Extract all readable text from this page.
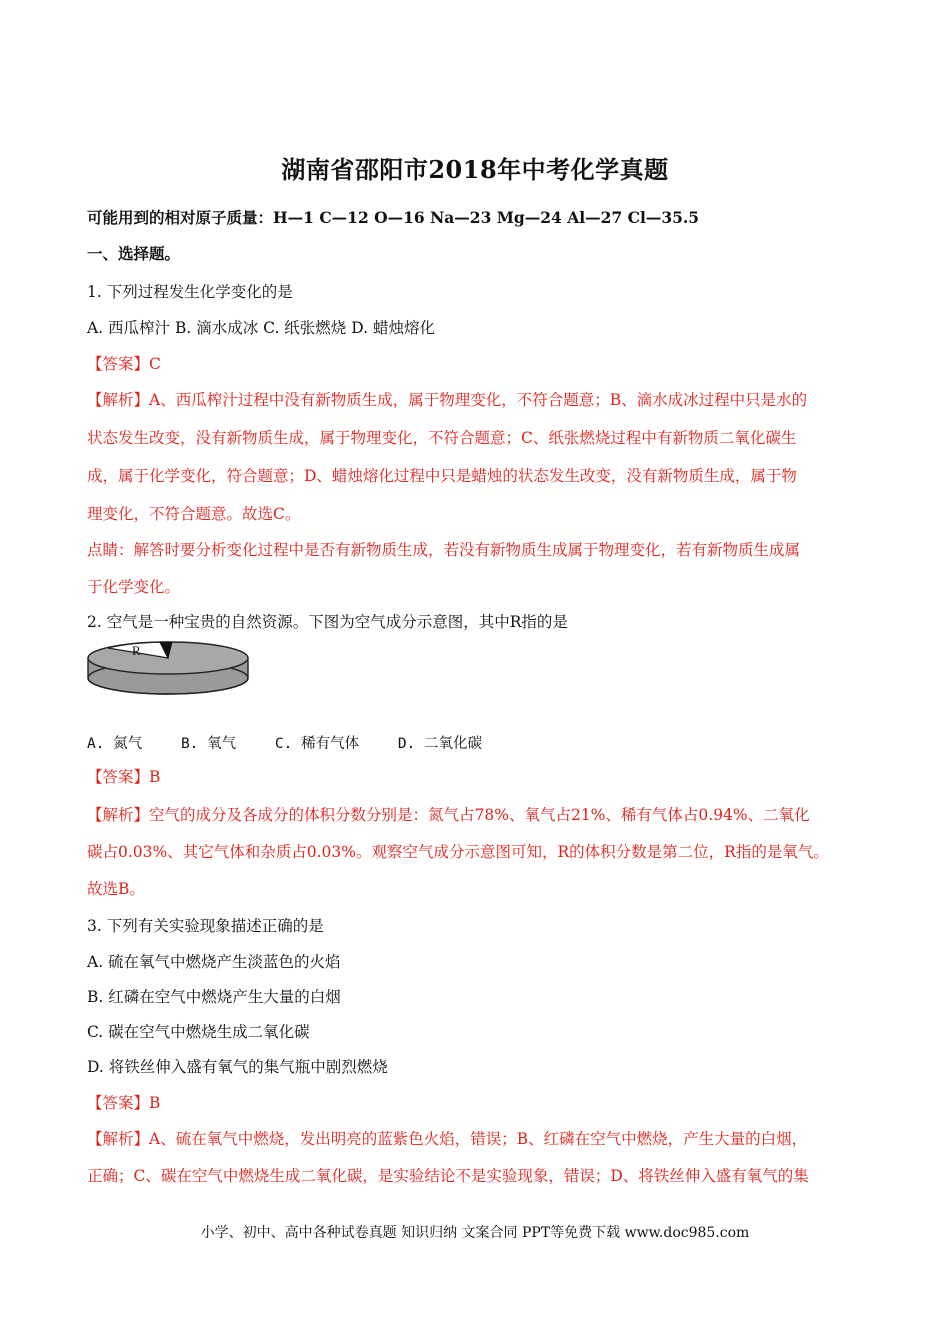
湖南省邵阳市2018年中考化学真题
可能用到的相对原子质量：H—1 C—12 O—16 Na—23 Mg—24 Al—27 Cl—35.5
一、选择题。
1. 下列过程发生化学变化的是
A. 西瓜榨汁 B. 滴水成冰 C. 纸张燃烧 D. 蜡烛熔化
【答案】C
【解析】A、西瓜榨汁过程中没有新物质生成，属于物理变化，不符合题意；B、滴水成冰过程中只是水的
状态发生改变，没有新物质生成，属于物理变化，不符合题意；C、纸张燃烧过程中有新物质二氧化碳生
成，属于化学变化，符合题意；D、蜡烛熔化过程中只是蜡烛的状态发生改变，没有新物质生成，属于物
理变化，不符合题意。故选C。
点睛：解答时要分析变化过程中是否有新物质生成，若没有新物质生成属于物理变化，若有新物质生成属
于化学变化。
2. 空气是一种宝贵的自然资源。下图为空气成分示意图，其中R指的是
R
A. 氮气	B. 氧气	C. 稀有气体	D. 二氧化碳
【答案】B
【解析】空气的成分及各成分的体积分数分别是：氮气占78%、氧气占21%、稀有气体占0.94%、二氧化
碳占0.03%、其它气体和杂质占0.03%。观察空气成分示意图可知，R的体积分数是第二位，R指的是氧气。
故选B。
3. 下列有关实验现象描述正确的是
A. 硫在氧气中燃烧产生淡蓝色的火焰
B. 红磷在空气中燃烧产生大量的白烟
C. 碳在空气中燃烧生成二氧化碳
D. 将铁丝伸入盛有氧气的集气瓶中剧烈燃烧
【答案】B
【解析】A、硫在氧气中燃烧，发出明亮的蓝紫色火焰，错误；B、红磷在空气中燃烧，产生大量的白烟，
正确；C、碳在空气中燃烧生成二氧化碳，是实验结论不是实验现象，错误；D、将铁丝伸入盛有氧气的集
小学、初中、高中各种试卷真题 知识归纳 文案合同 PPT等免费下载 www.doc985.com
